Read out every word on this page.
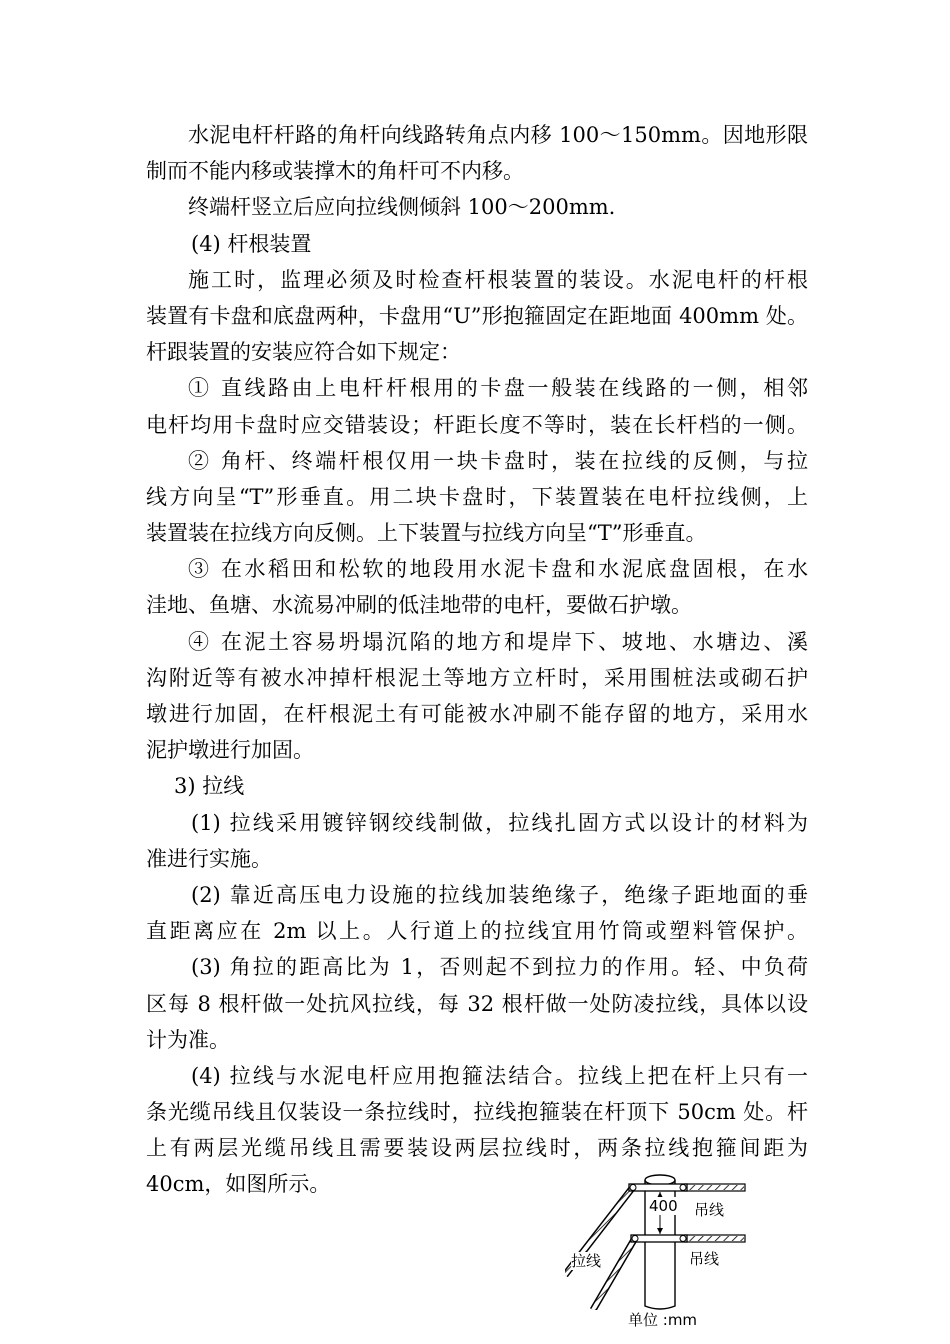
水泥电杆杆路的角杆向线路转角点内移 100～150mm。因地形限
制而不能内移或装撑木的角杆可不内移。
终端杆竖立后应向拉线侧倾斜 100～200mm.
(4) 杆根装置
施工时，监理必须及时检查杆根装置的装设。水泥电杆的杆根
装置有卡盘和底盘两种，卡盘用“U”形抱箍固定在距地面 400mm 处。
杆跟装置的安装应符合如下规定：
① 直线路由上电杆杆根用的卡盘一般装在线路的一侧，相邻
电杆均用卡盘时应交错装设；杆距长度不等时，装在长杆档的一侧。
② 角杆、终端杆根仅用一块卡盘时，装在拉线的反侧，与拉
线方向呈“T”形垂直。用二块卡盘时，下装置装在电杆拉线侧，上
装置装在拉线方向反侧。上下装置与拉线方向呈“T”形垂直。
③ 在水稻田和松软的地段用水泥卡盘和水泥底盘固根，在水
洼地、鱼塘、水流易冲刷的低洼地带的电杆，要做石护墩。
④ 在泥土容易坍塌沉陷的地方和堤岸下、坡地、水塘边、溪
沟附近等有被水冲掉杆根泥土等地方立杆时，采用围桩法或砌石护
墩进行加固，在杆根泥土有可能被水冲刷不能存留的地方，采用水
泥护墩进行加固。
3) 拉线
(1) 拉线采用镀锌钢绞线制做，拉线扎固方式以设计的材料为
准进行实施。
(2) 靠近高压电力设施的拉线加装绝缘子，绝缘子距地面的垂
直距离应在 2m 以上。人行道上的拉线宜用竹筒或塑料管保护。
(3) 角拉的距高比为 1，否则起不到拉力的作用。轻、中负荷
区每 8 根杆做一处抗风拉线，每 32 根杆做一处防凌拉线，具体以设
计为准。
(4) 拉线与水泥电杆应用抱箍法结合。拉线上把在杆上只有一
条光缆吊线且仅装设一条拉线时，拉线抱箍装在杆顶下 50cm 处。杆
上有两层光缆吊线且需要装设两层拉线时，两条拉线抱箍间距为
40cm，如图所示。
400 吊线
吊线
拉线
单位 :mm
